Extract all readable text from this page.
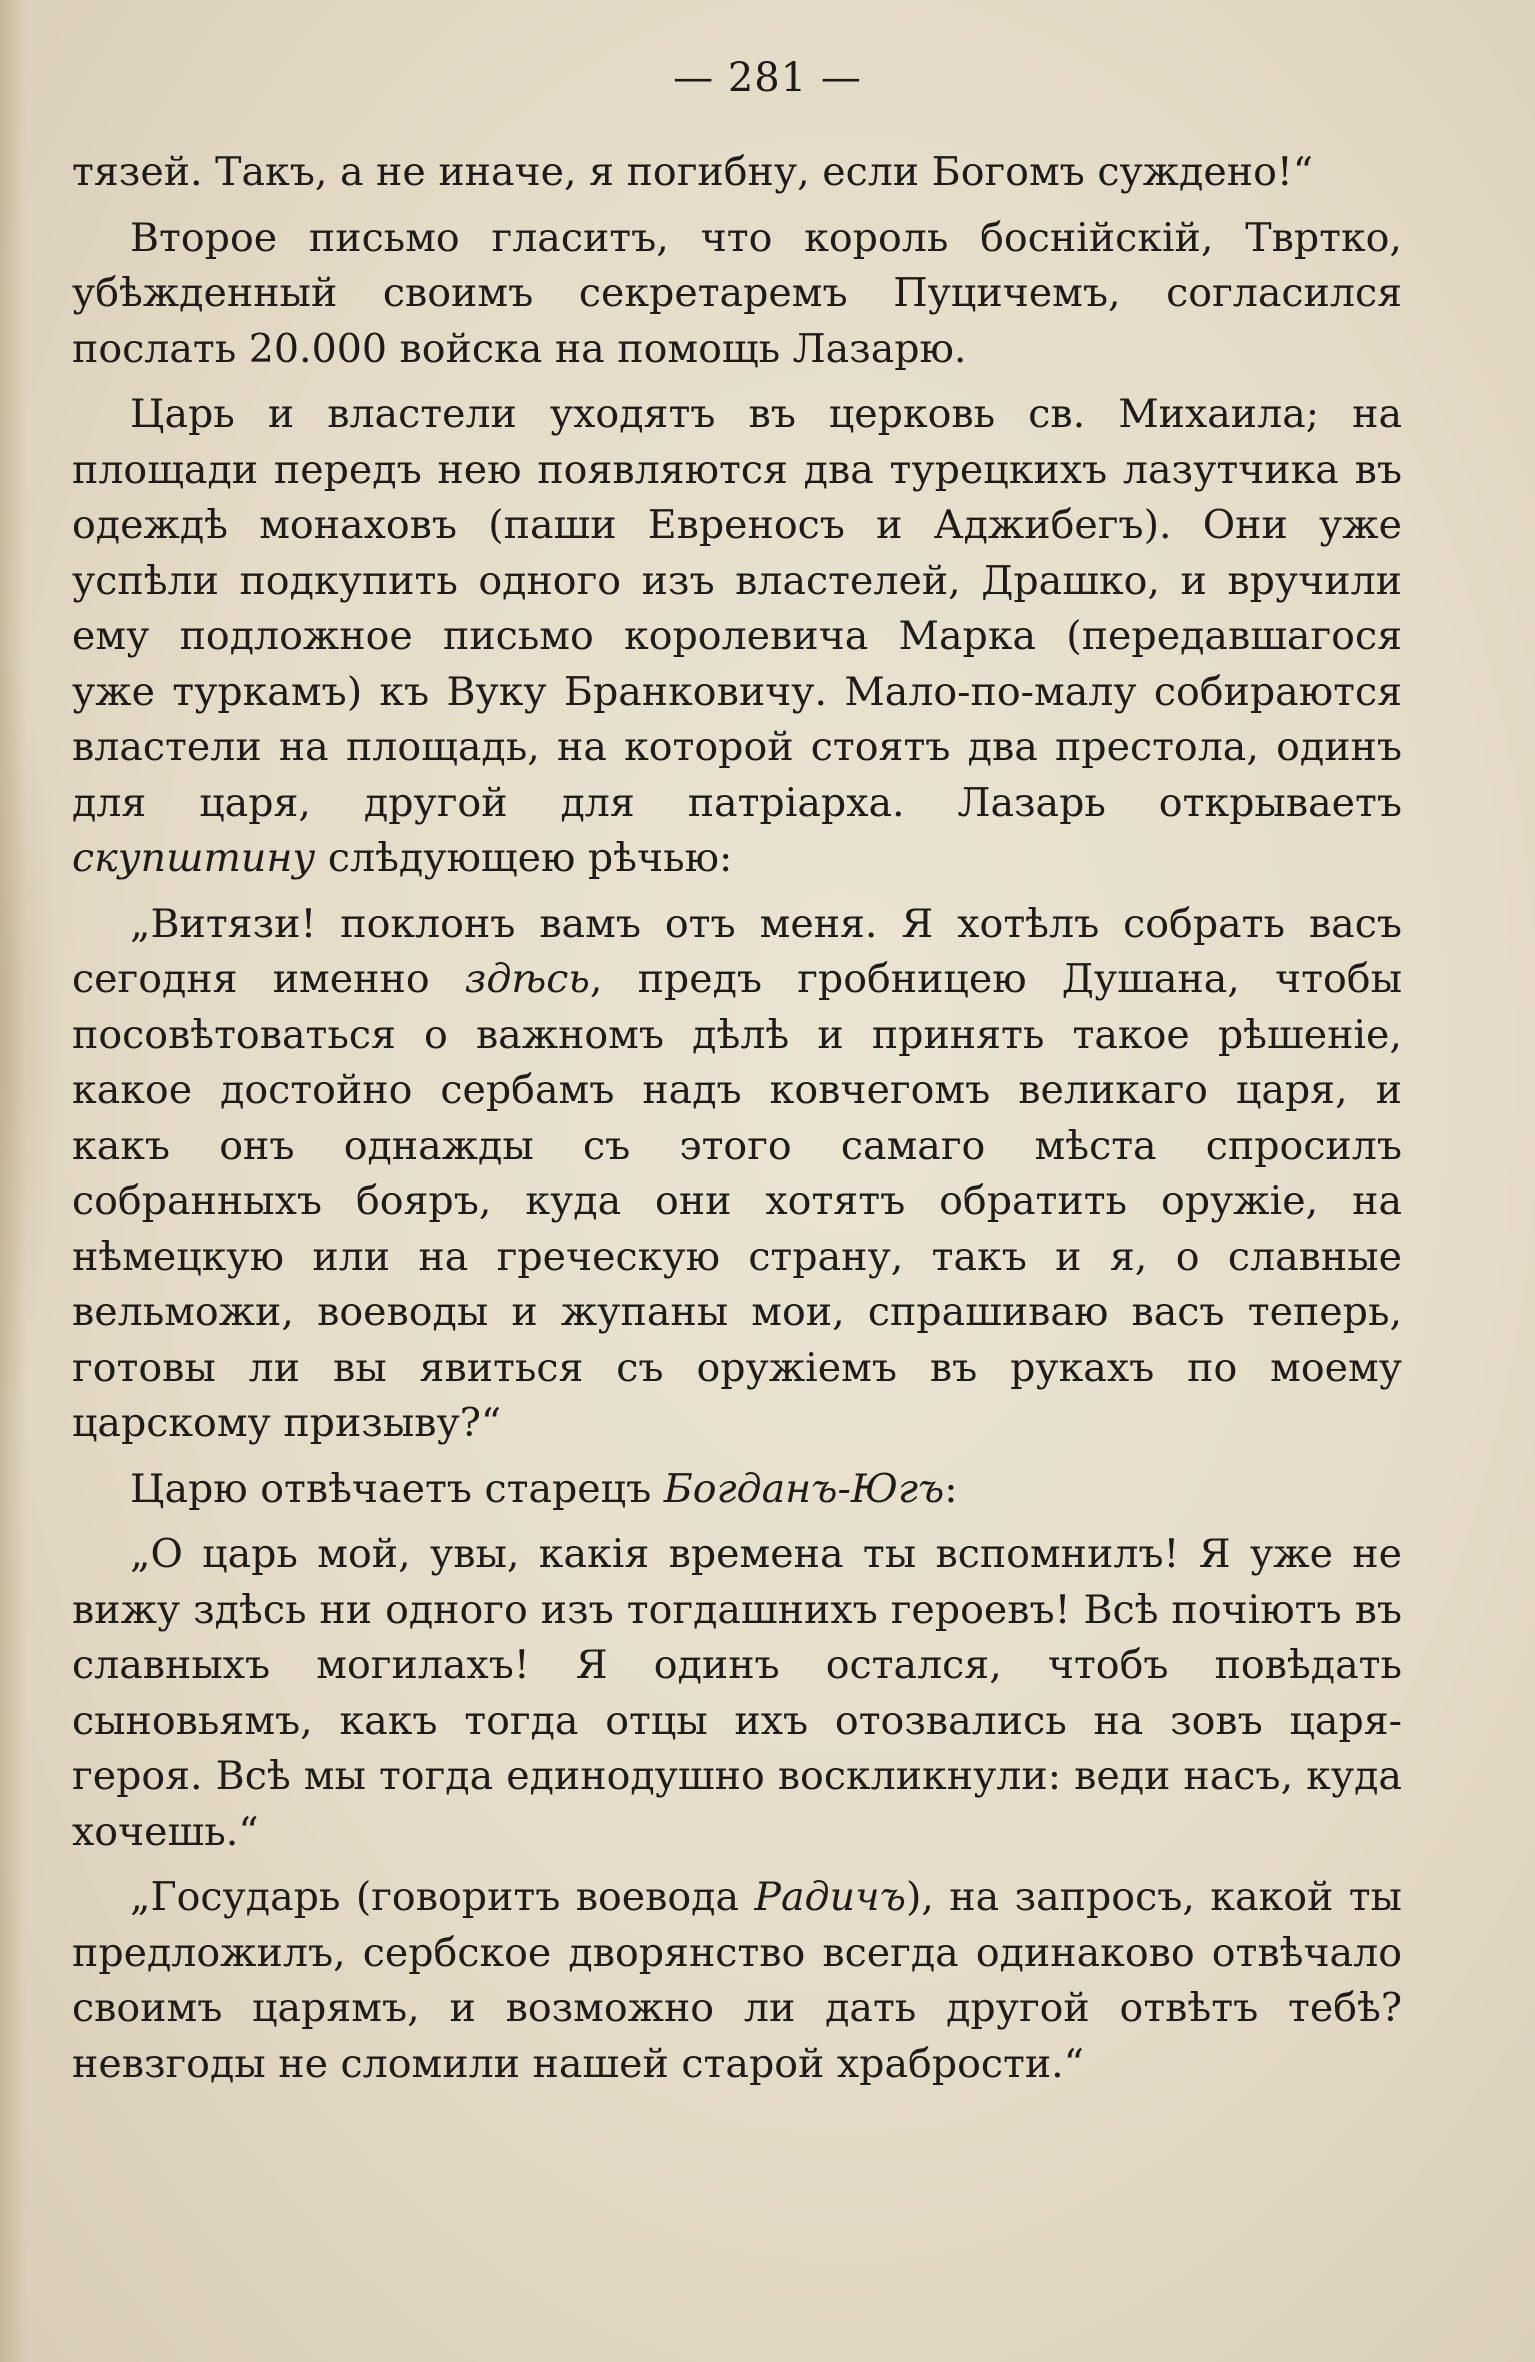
— 281 —

тязей. Такъ, а не иначе, я погибну, если Богомъ суждено!“

Второе письмо гласитъ, что король боснійскій, Твртко, убѣжденный своимъ секретаремъ Пуцичемъ, согласился послать 20.000 войска на помощь Лазарю.

Царь и властели уходятъ въ церковь св. Михаила; на площади передъ нею появляются два турецкихъ лазутчика въ одеждѣ монаховъ (паши Евреносъ и Аджибегъ). Они уже успѣли подкупить одного изъ властелей, Драшко, и вручили ему подложное письмо королевича Марка (передавшагося уже туркамъ) къ Вуку Бранковичу. Мало-по-малу собираются властели на площадь, на которой стоятъ два престола, одинъ для царя, другой для патріарха. Лазарь открываетъ скупштину слѣдующею рѣчью:

„Витязи! поклонъ вамъ отъ меня. Я хотѣлъ собрать васъ сегодня именно здѣсь, предъ гробницею Душана, чтобы посовѣтоваться о важномъ дѣлѣ и принять такое рѣшеніе, какое достойно сербамъ надъ ковчегомъ великаго царя, и какъ онъ однажды съ этого самаго мѣста спросилъ собранныхъ бояръ, куда они хотятъ обратить оружіе, на нѣмецкую или на греческую страну, такъ и я, о славные вельможи, воеводы и жупаны мои, спрашиваю васъ теперь, готовы ли вы явиться съ оружіемъ въ рукахъ по моему царскому призыву?“

Царю отвѣчаетъ старецъ Богданъ-Югъ:

„О царь мой, увы, какія времена ты вспомнилъ! Я уже не вижу здѣсь ни одного изъ тогдашнихъ героевъ! Всѣ почіютъ въ славныхъ могилахъ! Я одинъ остался, чтобъ повѣдать сыновьямъ, какъ тогда отцы ихъ отозвались на зовъ царя-героя. Всѣ мы тогда единодушно воскликнули: веди насъ, куда хочешь.“

„Государь (говоритъ воевода Радичъ), на запросъ, какой ты предложилъ, сербское дворянство всегда одинаково отвѣчало своимъ царямъ, и возможно ли дать другой отвѣтъ тебѣ? невзгоды не сломили нашей старой храбрости.“
